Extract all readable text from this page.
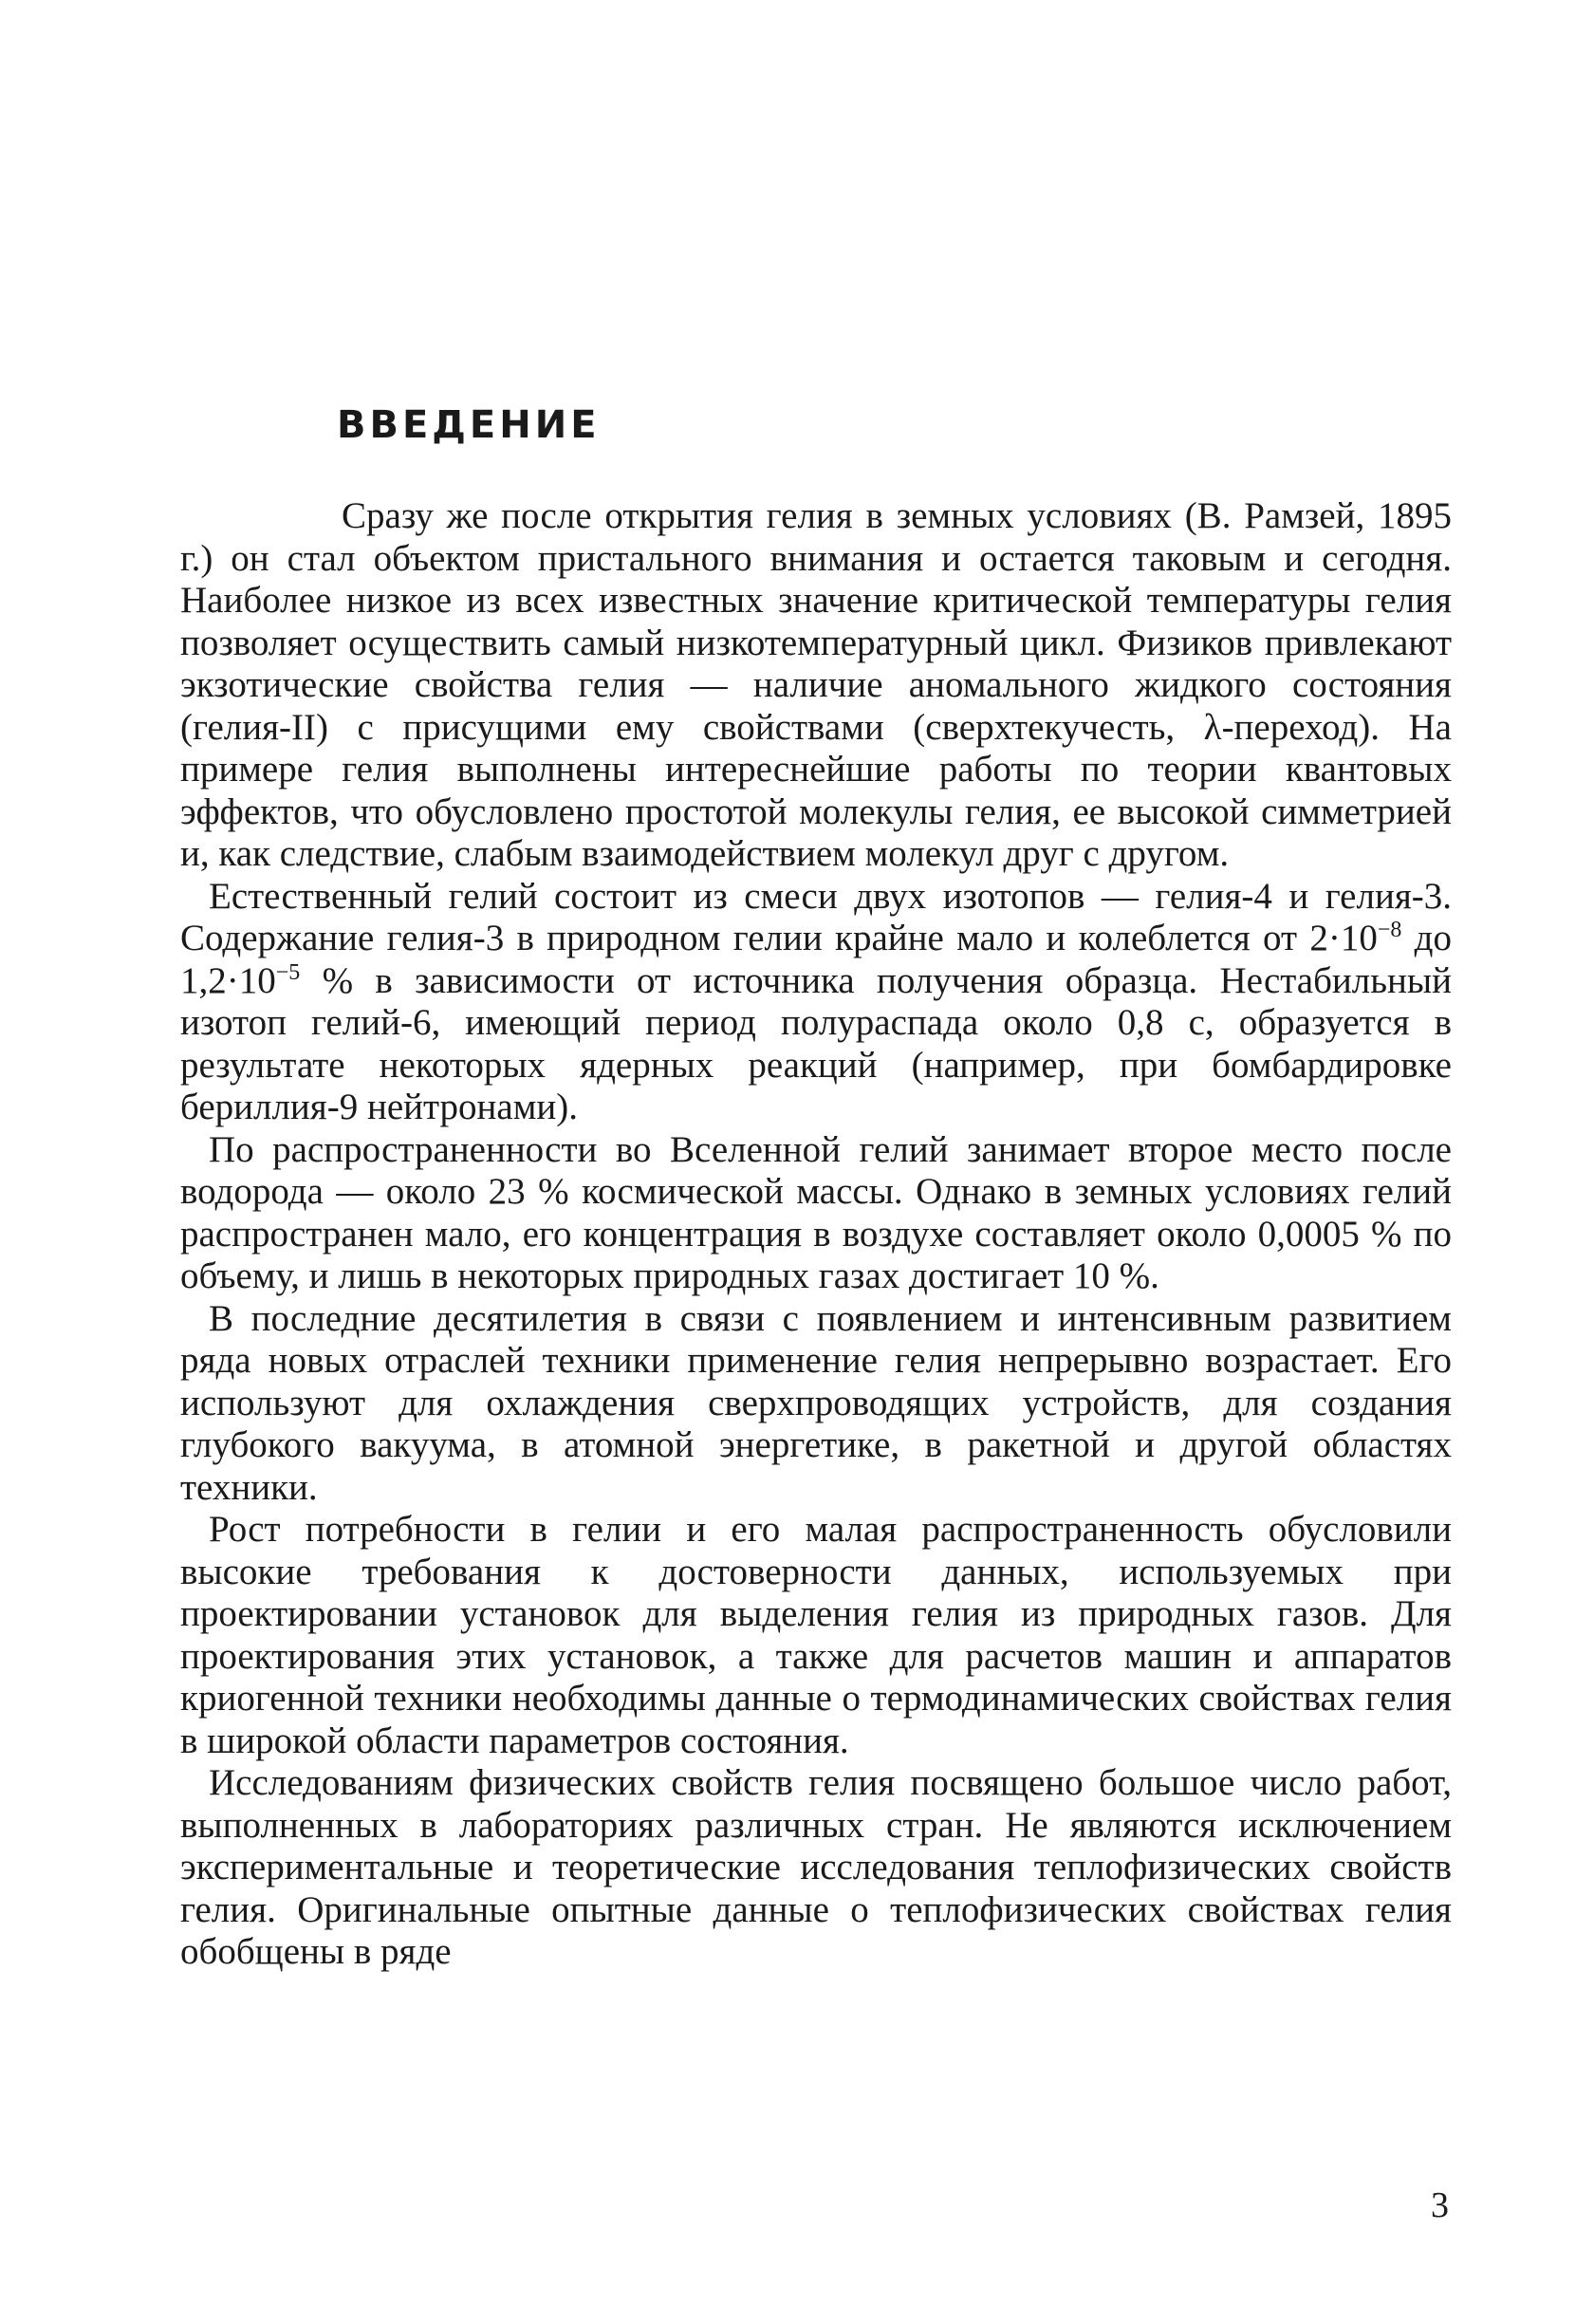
ВВЕДЕНИЕ

Сразу же после открытия гелия в земных условиях (В. Рамзей, 1895 г.) он стал объектом пристального внимания и остается таковым и сегодня. Наиболее низкое из всех известных значение критической температуры гелия позволяет осуществить самый низкотемпературный цикл. Физиков привлекают экзотические свойства гелия — наличие аномального жидкого состояния (гелия-II) с присущими ему свойствами (сверхтекучесть, λ-переход). На примере гелия выполнены интереснейшие работы по теории квантовых эффектов, что обусловлено простотой молекулы гелия, ее высокой симметрией и, как следствие, слабым взаимодействием молекул друг с другом.

Естественный гелий состоит из смеси двух изотопов — гелия-4 и гелия-3. Содержание гелия-3 в природном гелии крайне мало и колеблется от $2\cdot 10^{-8}$ до $1,2\cdot 10^{-5}$ % в зависимости от источника получения образца. Нестабильный изотоп гелий-6, имеющий период полураспада около 0,8 с, образуется в результате некоторых ядерных реакций (например, при бомбардировке бериллия-9 нейтронами).

По распространенности во Вселенной гелий занимает второе место после водорода — около 23 % космической массы. Однако в земных условиях гелий распространен мало, его концентрация в воздухе составляет около 0,0005 % по объему, и лишь в некоторых природных газах достигает 10 %.

В последние десятилетия в связи с появлением и интенсивным развитием ряда новых отраслей техники применение гелия непрерывно возрастает. Его используют для охлаждения сверхпроводящих устройств, для создания глубокого вакуума, в атомной энергетике, в ракетной и другой областях техники.

Рост потребности в гелии и его малая распространенность обусловили высокие требования к достоверности данных, используемых при проектировании установок для выделения гелия из природных газов. Для проектирования этих установок, а также для расчетов машин и аппаратов криогенной техники необходимы данные о термодинамических свойствах гелия в широкой области параметров состояния.

Исследованиям физических свойств гелия посвящено большое число работ, выполненных в лабораториях различных стран. Не являются исключением экспериментальные и теоретические исследования теплофизических свойств гелия. Оригинальные опытные данные о теплофизических свойствах гелия обобщены в ряде

3
